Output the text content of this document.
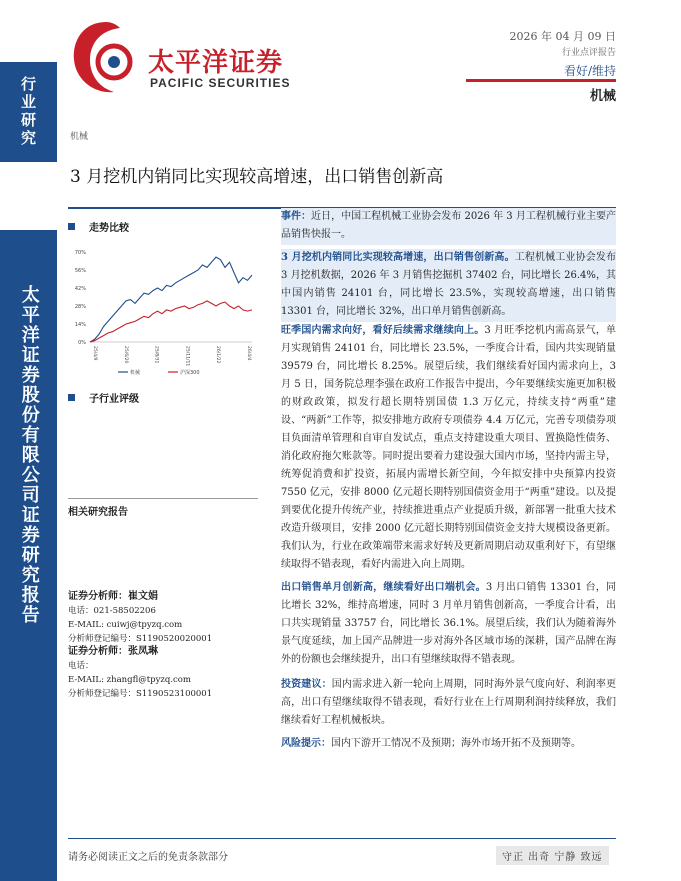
行业研究
太平洋证券股份有限公司证券研究报告
太平洋证券
PACIFIC SECURITIES
2026 年 04 月 09 日
行业点评报告
看好/维持
机械
机械
3 月挖机内销同比实现较高增速，出口销售创新高
走势比较
70%
56%
42%
28%
14%
0%
25/4/9	25/6/20	25/8/31	25/11/11	26/1/22	26/4/4
机械	沪深300
子行业评级
相关研究报告
证券分析师：崔文娟
电话：021-58502206
E-MAIL: cuiwj@tpyzq.com
分析师登记编号：S1190520020001
证券分析师：张凤琳
电话：
E-MAIL: zhangfl@tpyzq.com
分析师登记编号：S1190523100001
事件：近日，中国工程机械工业协会发布 2026 年 3 月工程机械行业主要产品销售快报一。
3 月挖机内销同比实现较高增速，出口销售创新高。工程机械工业协会发布 3 月挖机数据，2026 年 3 月销售挖掘机 37402 台，同比增长 26.4%，其中国内销售 24101 台，同比增长 23.5%，实现较高增速，出口销售 13301 台，同比增长 32%，出口单月销售创新高。
旺季国内需求向好，看好后续需求继续向上。3 月旺季挖机内需高景气，单月实现销售 24101 台，同比增长 23.5%，一季度合计看，国内共实现销量 39579 台，同比增长 8.25%。展望后续，我们继续看好国内需求向上，3 月 5 日，国务院总理李强在政府工作报告中提出，今年要继续实施更加积极的财政政策，拟发行超长期特别国债 1.3 万亿元，持续支持“两重”建设、“两新”工作等，拟安排地方政府专项债券 4.4 万亿元，完善专项债券项目负面清单管理和自审自发试点，重点支持建设重大项目、置换隐性债务、消化政府拖欠账款等。同时提出要着力建设强大国内市场，坚持内需主导，统筹促消费和扩投资，拓展内需增长新空间，今年拟安排中央预算内投资 7550 亿元，安排 8000 亿元超长期特别国债资金用于“两重”建设。以及提到要优化提升传统产业，持续推进重点产业提质升级，新部署一批重大技术改造升级项目，安排 2000 亿元超长期特别国债资金支持大规模设备更新。我们认为，行业在政策端带来需求好转及更新周期启动双重利好下，有望继续取得不错表现，看好内需进入向上周期。
出口销售单月创新高，继续看好出口端机会。3 月出口销售 13301 台，同比增长 32%，维持高增速，同时 3 月单月销售创新高，一季度合计看，出口共实现销量 33757 台，同比增长 36.1%。展望后续，我们认为随着海外景气度延续，加上国产品牌进一步对海外各区域市场的深耕，国产品牌在海外的份额也会继续提升，出口有望继续取得不错表现。
投资建议：国内需求进入新一轮向上周期，同时海外景气度向好、利润率更高，出口有望继续取得不错表现，看好行业在上行周期利润持续释放，我们继续看好工程机械板块。
风险提示：国内下游开工情况不及预期；海外市场开拓不及预期等。
请务必阅读正文之后的免责条款部分	守正 出奇 宁静 致远
